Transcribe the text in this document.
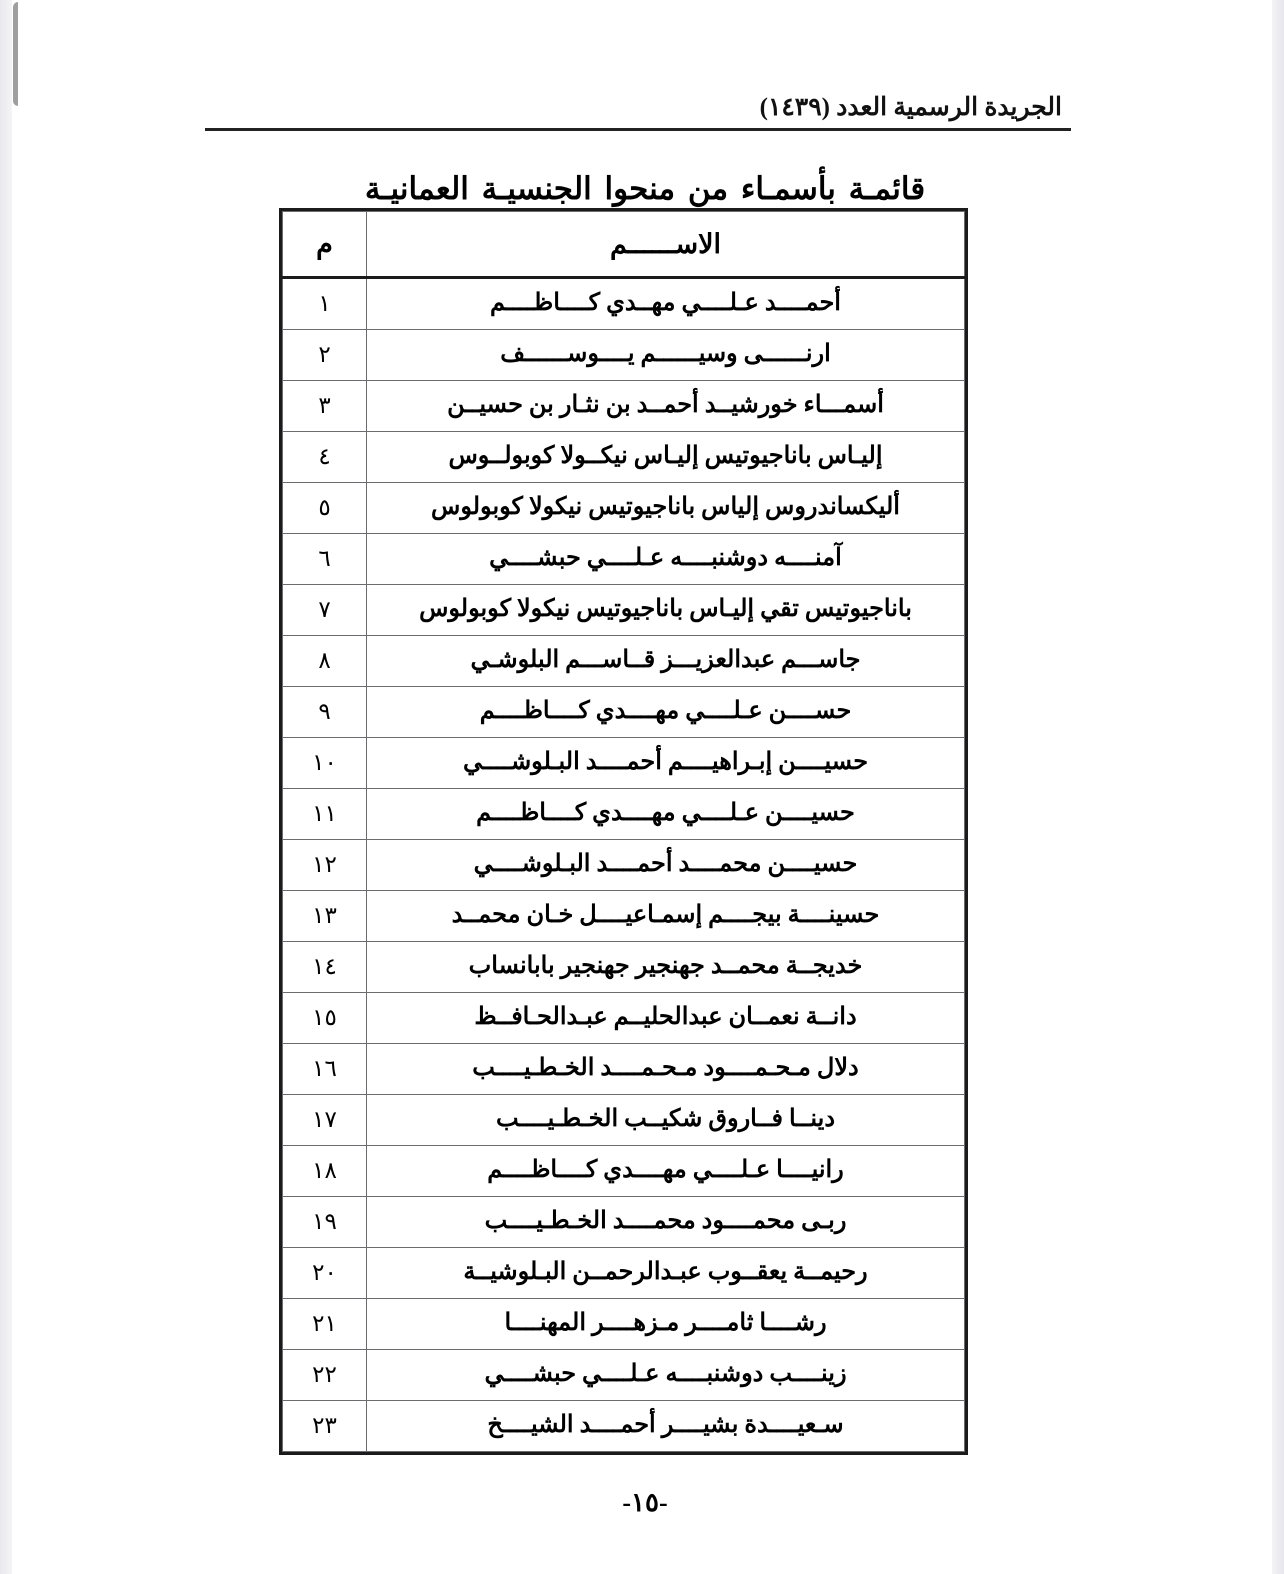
الجريدة الرسمية العدد (١٤٣٩)
قائمـة بأسمـاء من منحوا الجنسيـة العمانيـة
الاســــــم	م
أحمــــد عـلــــي مهــدي كــــاظــــم	١
ارنــــــى وسيــــــم يــــوســــــف	٢
أسمـــاء خورشيــد أحمــد بن نثـار بن حسيــن	٣
إليـاس باناجيوتيس إليـاس نيكــولا كوبولــوس	٤
أليكساندروس إلياس باناجيوتيس نيكولا كوبولوس	٥
آمنــــه دوشنبــــه عـلــــي حبشــــي	٦
باناجيوتيس تقي إليـاس باناجيوتيس نيكولا كوبولوس	٧
جاســـم عبدالعزيـــز قــاســـم البلوشـي	٨
حســــن عـلــــي مهــــدي كــــاظــــم	٩
حسيــــن إبـراهيــــم أحمــــد البـلوشــــي	١٠
حسيــــن عـلــــي مهــــدي كــــاظــــم	١١
حسيــــن محمــــد أحمــــد البـلوشــــي	١٢
حسينــــة بيجــــم إسمـاعيــــل خـان محمــد	١٣
خديجــة محمــد جهنجير جهنجير بابانساب	١٤
دانــة نعمــان عبدالحليــم عبـدالحـافــظ	١٥
دلال مـحـمــــود مـحـمــــد الخـطـيــــب	١٦
دينــا فــاروق شكيــب الخـطـيــــب	١٧
رانيــــا عـلــــي مهــــدي كــــاظــــم	١٨
ربـى محمــــود محمــــد الخـطـيــــب	١٩
رحيمــة يعقــوب عبـدالرحمــن البـلوشيــة	٢٠
رشــــا ثامــــر مـزهــــر المهنــــا	٢١
زينــــب دوشنبــــه عـلــــي حبشــــي	٢٢
سـعيــــدة بشيــــر أحمــــد الشيــــخ	٢٣
-١٥-
